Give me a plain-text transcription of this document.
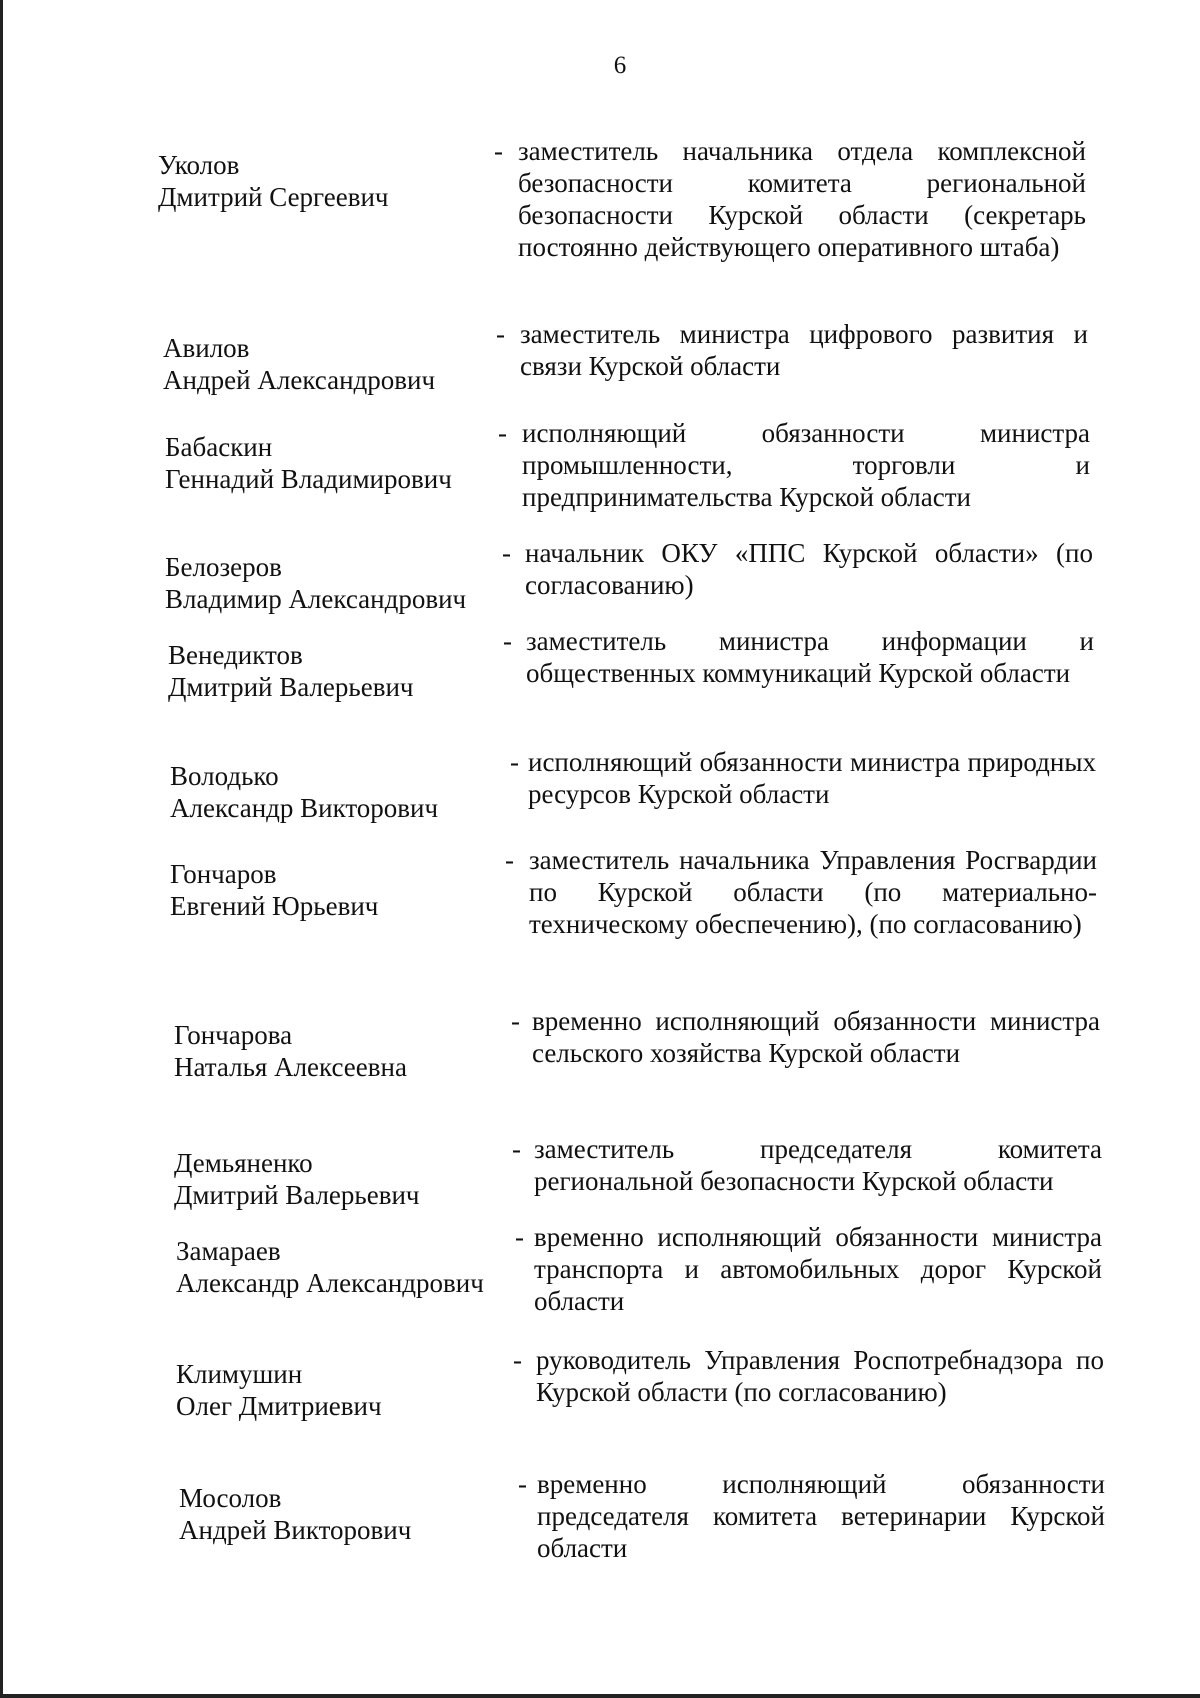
6
Уколов
Дмитрий Сергеевич
- заместитель начальника отдела комплексной безопасности комитета региональной безопасности Курской области (секретарь постоянно действующего оперативного штаба)
Авилов
Андрей Александрович
- заместитель министра цифрового развития и связи Курской области
Бабаскин
Геннадий Владимирович
- исполняющий обязанности министра промышленности, торговли и предпринимательства Курской области
Белозеров
Владимир Александрович
- начальник ОКУ «ППС Курской области» (по согласованию)
Венедиктов
Дмитрий Валерьевич
- заместитель министра информации и общественных коммуникаций Курской области
Володько
Александр Викторович
- исполняющий обязанности министра природных ресурсов Курской области
Гончаров
Евгений Юрьевич
- заместитель начальника Управления Росгвардии по Курской области (по материально-техническому обеспечению), (по согласованию)
Гончарова
Наталья Алексеевна
- временно исполняющий обязанности министра сельского хозяйства Курской области
Демьяненко
Дмитрий Валерьевич
- заместитель председателя комитета региональной безопасности Курской области
Замараев
Александр Александрович
- временно исполняющий обязанности министра транспорта и автомобильных дорог Курской области
Климушин
Олег Дмитриевич
- руководитель Управления Роспотребнадзора по Курской области (по согласованию)
Мосолов
Андрей Викторович
- временно исполняющий обязанности председателя комитета ветеринарии Курской области
